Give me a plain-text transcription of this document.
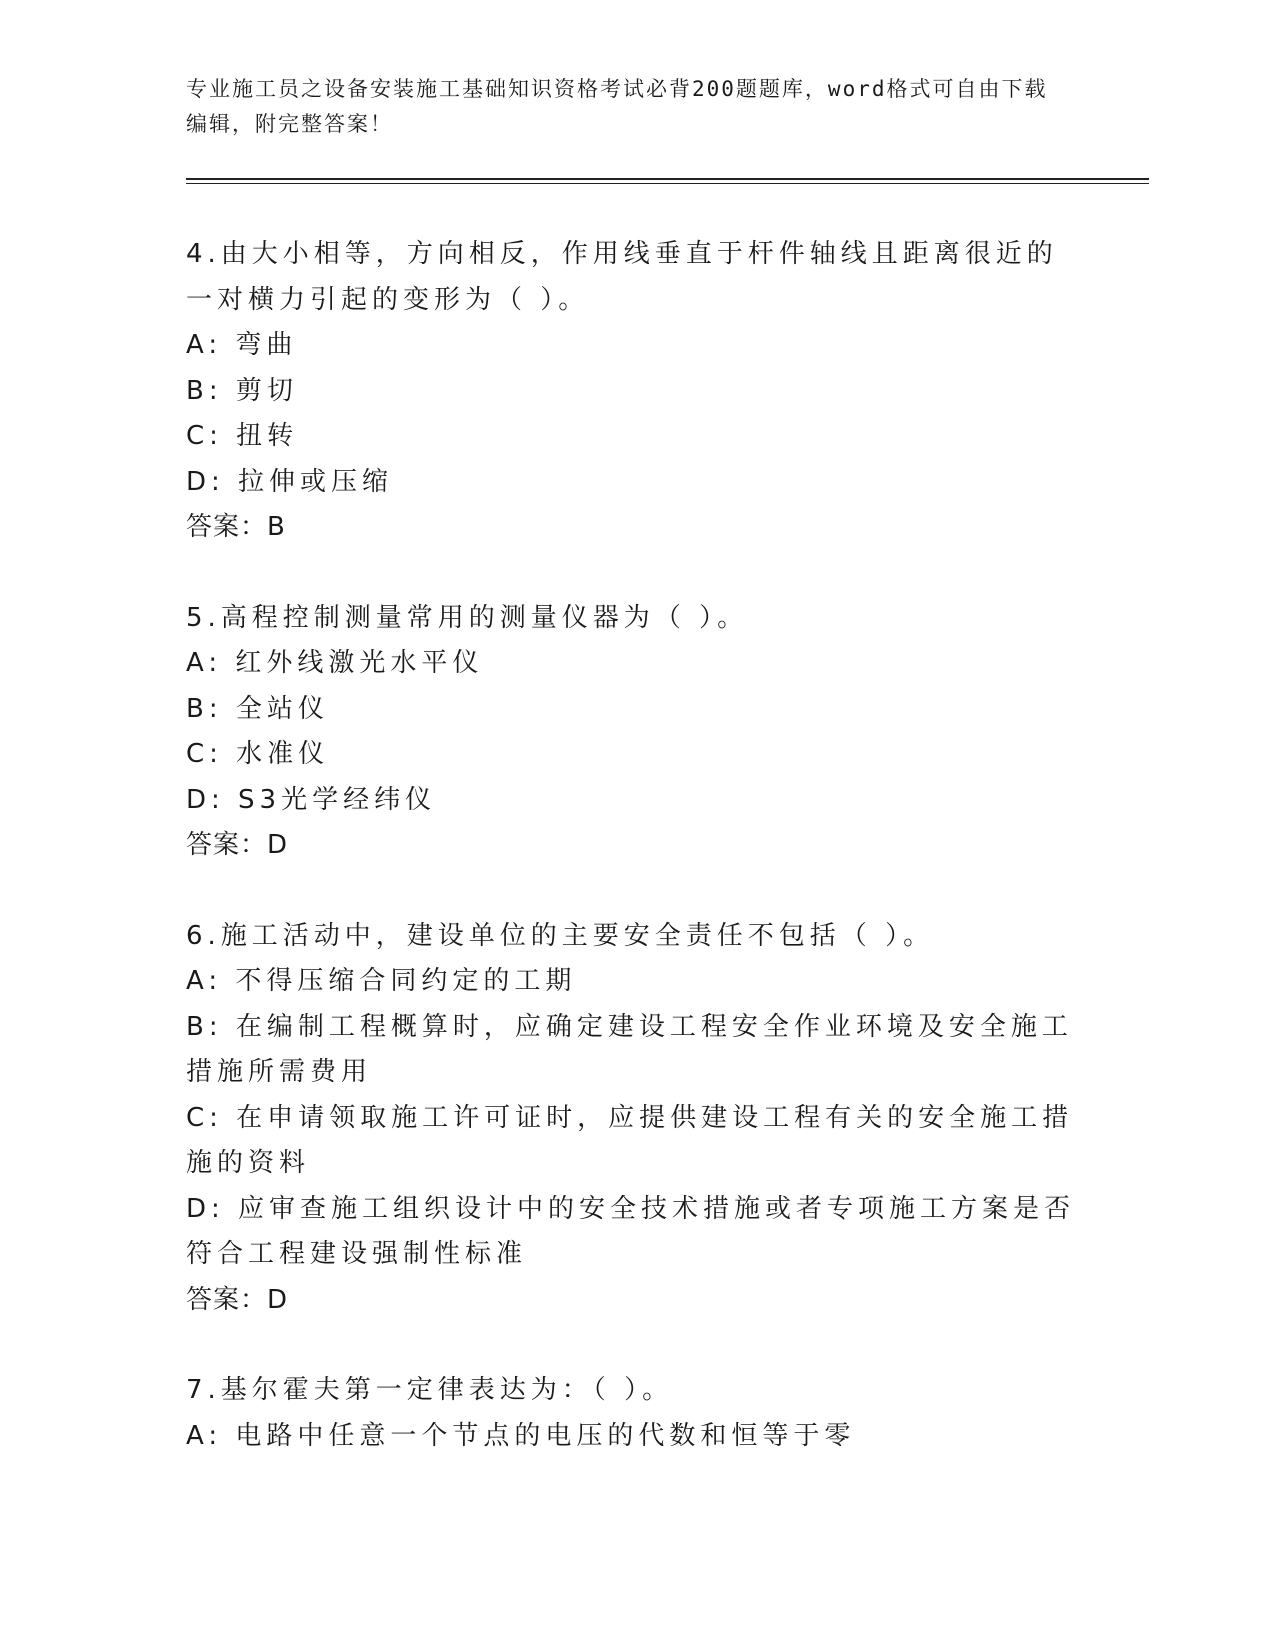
专业施工员之设备安装施工基础知识资格考试必背200题题库，word格式可自由下载编辑，附完整答案！
4.由大小相等，方向相反，作用线垂直于杆件轴线且距离很近的一对横力引起的变形为（ ）。
A: 弯曲
B: 剪切
C: 扭转
D: 拉伸或压缩
答案：B
5.高程控制测量常用的测量仪器为（ ）。
A: 红外线激光水平仪
B: 全站仪
C: 水准仪
D: S3光学经纬仪
答案：D
6.施工活动中，建设单位的主要安全责任不包括（ ）。
A: 不得压缩合同约定的工期
B: 在编制工程概算时，应确定建设工程安全作业环境及安全施工措施所需费用
C: 在申请领取施工许可证时，应提供建设工程有关的安全施工措施的资料
D: 应审查施工组织设计中的安全技术措施或者专项施工方案是否符合工程建设强制性标准
答案：D
7.基尔霍夫第一定律表达为：（ ）。
A: 电路中任意一个节点的电压的代数和恒等于零
